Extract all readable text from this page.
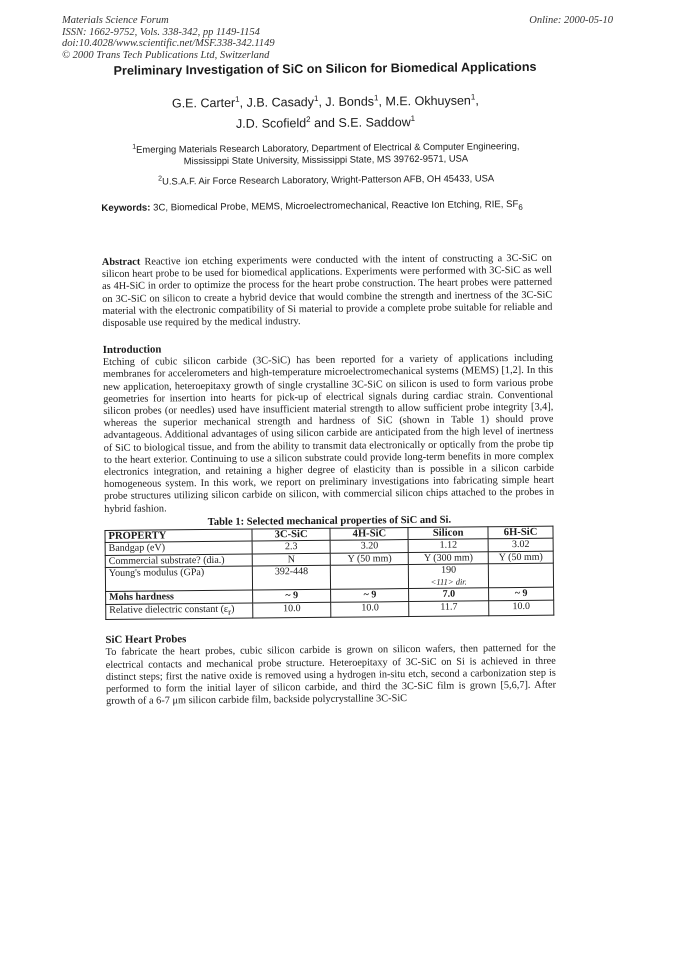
Materials Science Forum
ISSN: 1662-9752, Vols. 338-342, pp 1149-1154
doi:10.4028/www.scientific.net/MSF.338-342.1149
© 2000 Trans Tech Publications Ltd, Switzerland
Online: 2000-05-10
Preliminary Investigation of SiC on Silicon for Biomedical Applications
G.E. Carter$^1$, J.B. Casady$^1$, J. Bonds$^1$, M.E. Okhuysen$^1$,
J.D. Scofield$^2$ and S.E. Saddow$^1$
$^1$Emerging Materials Research Laboratory, Department of Electrical & Computer Engineering,
Mississippi State University, Mississippi State, MS 39762-9571, USA
$^2$U.S.A.F. Air Force Research Laboratory, Wright-Patterson AFB, OH 45433, USA
Keywords: 3C, Biomedical Probe, MEMS, Microelectromechanical, Reactive Ion Etching, RIE, $SF_6$

Abstract Reactive ion etching experiments were conducted with the intent of constructing a 3C-SiC on silicon heart probe to be used for biomedical applications. Experiments were performed with 3C-SiC as well as 4H-SiC in order to optimize the process for the heart probe construction. The heart probes were patterned on 3C-SiC on silicon to create a hybrid device that would combine the strength and inertness of the 3C-SiC material with the electronic compatibility of Si material to provide a complete probe suitable for reliable and disposable use required by the medical industry.

Introduction

Etching of cubic silicon carbide (3C-SiC) has been reported for a variety of applications including membranes for accelerometers and high-temperature microelectromechanical systems (MEMS) [1,2]. In this new application, heteroepitaxy growth of single crystalline 3C-SiC on silicon is used to form various probe geometries for insertion into hearts for pick-up of electrical signals during cardiac strain. Conventional silicon probes (or needles) used have insufficient material strength to allow sufficient probe integrity [3,4], whereas the superior mechanical strength and hardness of SiC (shown in Table 1) should prove advantageous. Additional advantages of using silicon carbide are anticipated from the high level of inertness of SiC to biological tissue, and from the ability to transmit data electronically or optically from the probe tip to the heart exterior. Continuing to use a silicon substrate could provide long-term benefits in more complex electronics integration, and retaining a higher degree of elasticity than is possible in a silicon carbide homogeneous system. In this work, we report on preliminary investigations into fabricating simple heart probe structures utilizing silicon carbide on silicon, with commercial silicon chips attached to the probes in hybrid fashion.

Table 1: Selected mechanical properties of SiC and Si.
PROPERTY	3C-SiC	4H-SiC	Silicon	6H-SiC
Bandgap (eV)	2.3	3.20	1.12	3.02
Commercial substrate? (dia.)	N	Y (50 mm)	Y (300 mm)	Y (50 mm)
Young's modulus (GPa)	392-448		190
<111> dir.	

Mohs hardness	~ 9	~ 9	7.0	~ 9
Relative dielectric constant $(\varepsilon_r)$	10.0	10.0	11.7	10.0
SiC Heart Probes

To fabricate the heart probes, cubic silicon carbide is grown on silicon wafers, then patterned for the electrical contacts and mechanical probe structure. Heteroepitaxy of 3C-SiC on Si is achieved in three distinct steps; first the native oxide is removed using a hydrogen in-situ etch, second a carbonization step is performed to form the initial layer of silicon carbide, and third the 3C-SiC film is grown [5,6,7]. After growth of a 6-7 μm silicon carbide film, backside polycrystalline 3C-SiC
